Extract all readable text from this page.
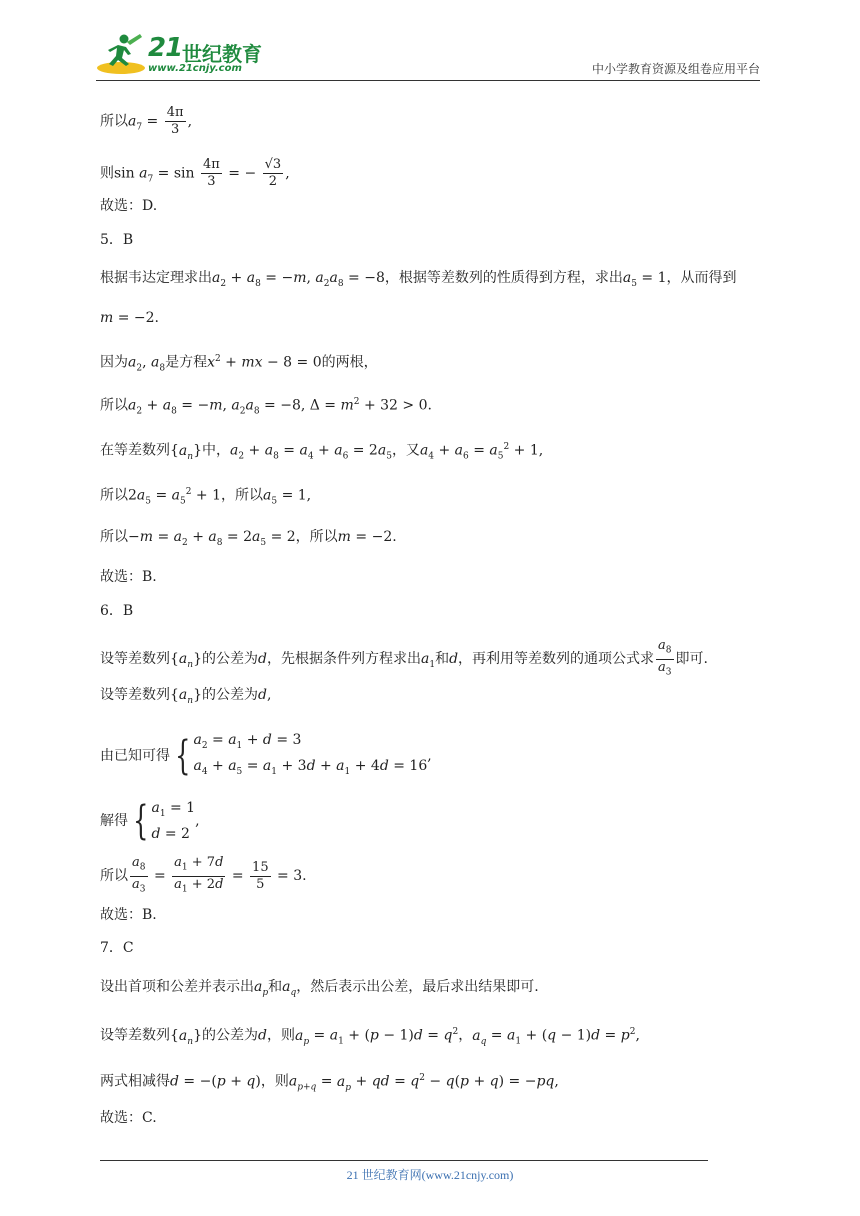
21 世纪教育
www.21cnjy.com	中小学教育资源及组卷应用平台
所以$a_7 = \frac{4\pi}{3}$ ,
则$\sin a_7 = \sin \frac{4\pi}{3}$ = − $\frac{√3}{2}$ ,
故选：D.
5．B
根据韦达定理求出$a_2 + a_8 = -m$, $a_2a_8 = -8$，根据等差数列的性质得到方程，求出$a_5 = 1$，从而得到
m = −2.
因为$a_2$, $a_8$是方程$x^2$ + mx − 8 = 0的两根，
所以$a_2 + a_8 = -m$, $a_2a_8 = -8$, $\Delta = m^2 + 32 > 0$.
在等差数列$\{a_n\}$中，$a_2 + a_8 = a_4 + a_6 = 2a_5$，又$a_4 + a_6 = a_5^2 + 1$,
所以$2a_5 = a_5^2 + 1$，所以$a_5 = 1$,
所以$-m = a_2 + a_8 = 2a_5 = 2$，所以m = −2.
故选：B.
6．B
设等差数列$\{a_n\}$的公差为d，先根据条件列方程求出$a_1$和d，再利用等差数列的通项公式求 $\frac{a_8}{a_3}$ 即可.
设等差数列$\{a_n\}$的公差为d,
由已知可得 { $a_2 = a_1 + d = 3$
$a_4 + a_5 = a_1 + 3d + a_1 + 4d = 16$
,
解得 { $a_1 = 1$
d = 2
,
所以 $\frac{a_8}{a_3} = \frac{a_1 + 7d}{a_1 + 2d} = \frac{15}{5} = 3$.
故选：B.
7．C
设出首项和公差并表示出$a_p$和$a_q$，然后表示出公差，最后求出结果即可.
设等差数列$\{a_n\}$的公差为d，则$a_p = a_1 + (p - 1)d = q^2$，$a_q = a_1 + (q - 1)d = p^2$,
两式相减得d = −(p + q)，则$a_{p+q} = a_p$ + qd = $q^2 - q(p + q) = -pq$,
故选：C.
21 世纪教育网(www.21cnjy.com)
